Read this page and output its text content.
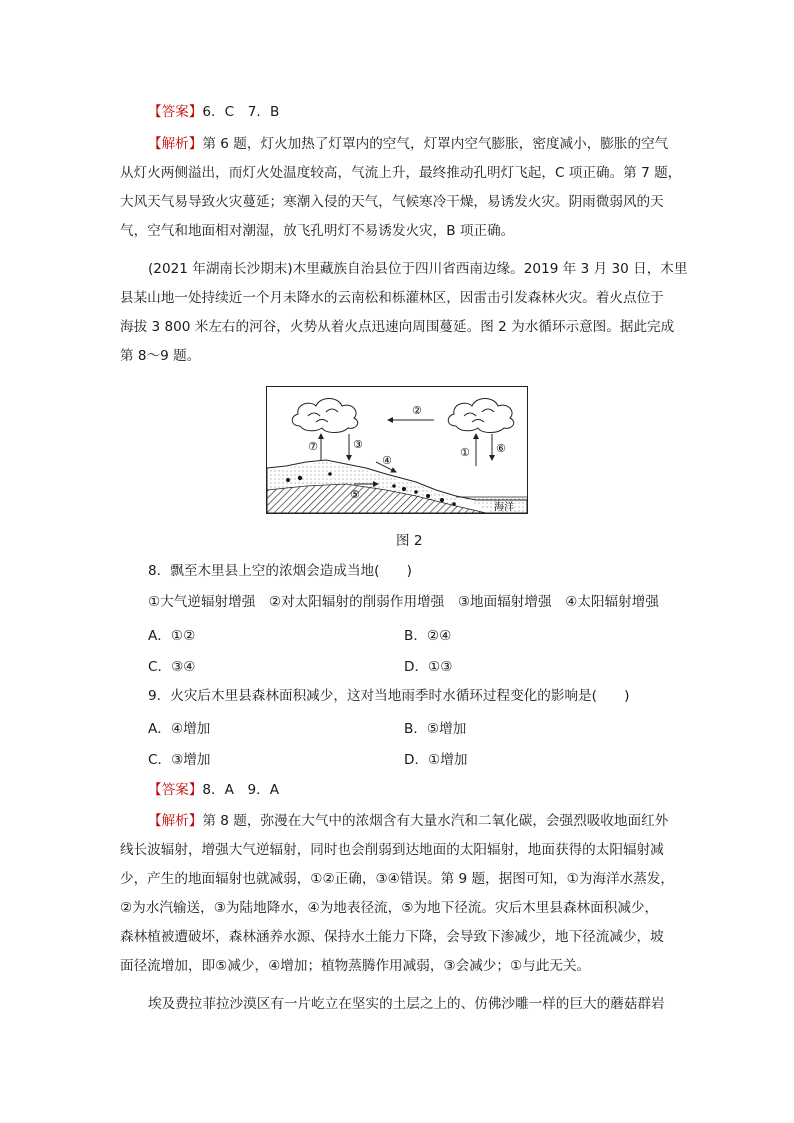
【答案】6．C　7．B
【解析】第 6 题，灯火加热了灯罩内的空气，灯罩内空气膨胀，密度减小，膨胀的空气
从灯火两侧溢出，而灯火处温度较高，气流上升，最终推动孔明灯飞起，C 项正确。第 7 题，
大风天气易导致火灾蔓延；寒潮入侵的天气，气候寒冷干燥，易诱发火灾。阴雨微弱风的天
气，空气和地面相对潮湿，放飞孔明灯不易诱发火灾，B 项正确。
(2021 年湖南长沙期末)木里藏族自治县位于四川省西南边缘。2019 年 3 月 30 日，木里
县某山地一处持续近一个月未降水的云南松和栎灌林区，因雷击引发森林火灾。着火点位于
海拔 3 800 米左右的河谷，火势从着火点迅速向周围蔓延。图 2 为水循环示意图。据此完成
第 8～9 题。
②
⑦	③
④
① ⑥
海洋
⑤
图 2
8．飘至木里县上空的浓烟会造成当地(　　)
①大气逆辐射增强　②对太阳辐射的削弱作用增强　③地面辐射增强　④太阳辐射增强
A．①②	B．②④
C．③④	D．①③
9．火灾后木里县森林面积减少，这对当地雨季时水循环过程变化的影响是(　　)
A．④增加	B．⑤增加
C．③增加	D．①增加
【答案】8．A　9．A
【解析】第 8 题，弥漫在大气中的浓烟含有大量水汽和二氧化碳，会强烈吸收地面红外
线长波辐射，增强大气逆辐射，同时也会削弱到达地面的太阳辐射，地面获得的太阳辐射减
少，产生的地面辐射也就减弱，①②正确，③④错误。第 9 题，据图可知，①为海洋水蒸发，
②为水汽输送，③为陆地降水，④为地表径流，⑤为地下径流。灾后木里县森林面积减少，
森林植被遭破坏，森林涵养水源、保持水土能力下降，会导致下渗减少，地下径流减少，坡
面径流增加，即⑤减少，④增加；植物蒸腾作用减弱，③会减少；①与此无关。
埃及费拉菲拉沙漠区有一片屹立在坚实的土层之上的、仿佛沙雕一样的巨大的蘑菇群岩
